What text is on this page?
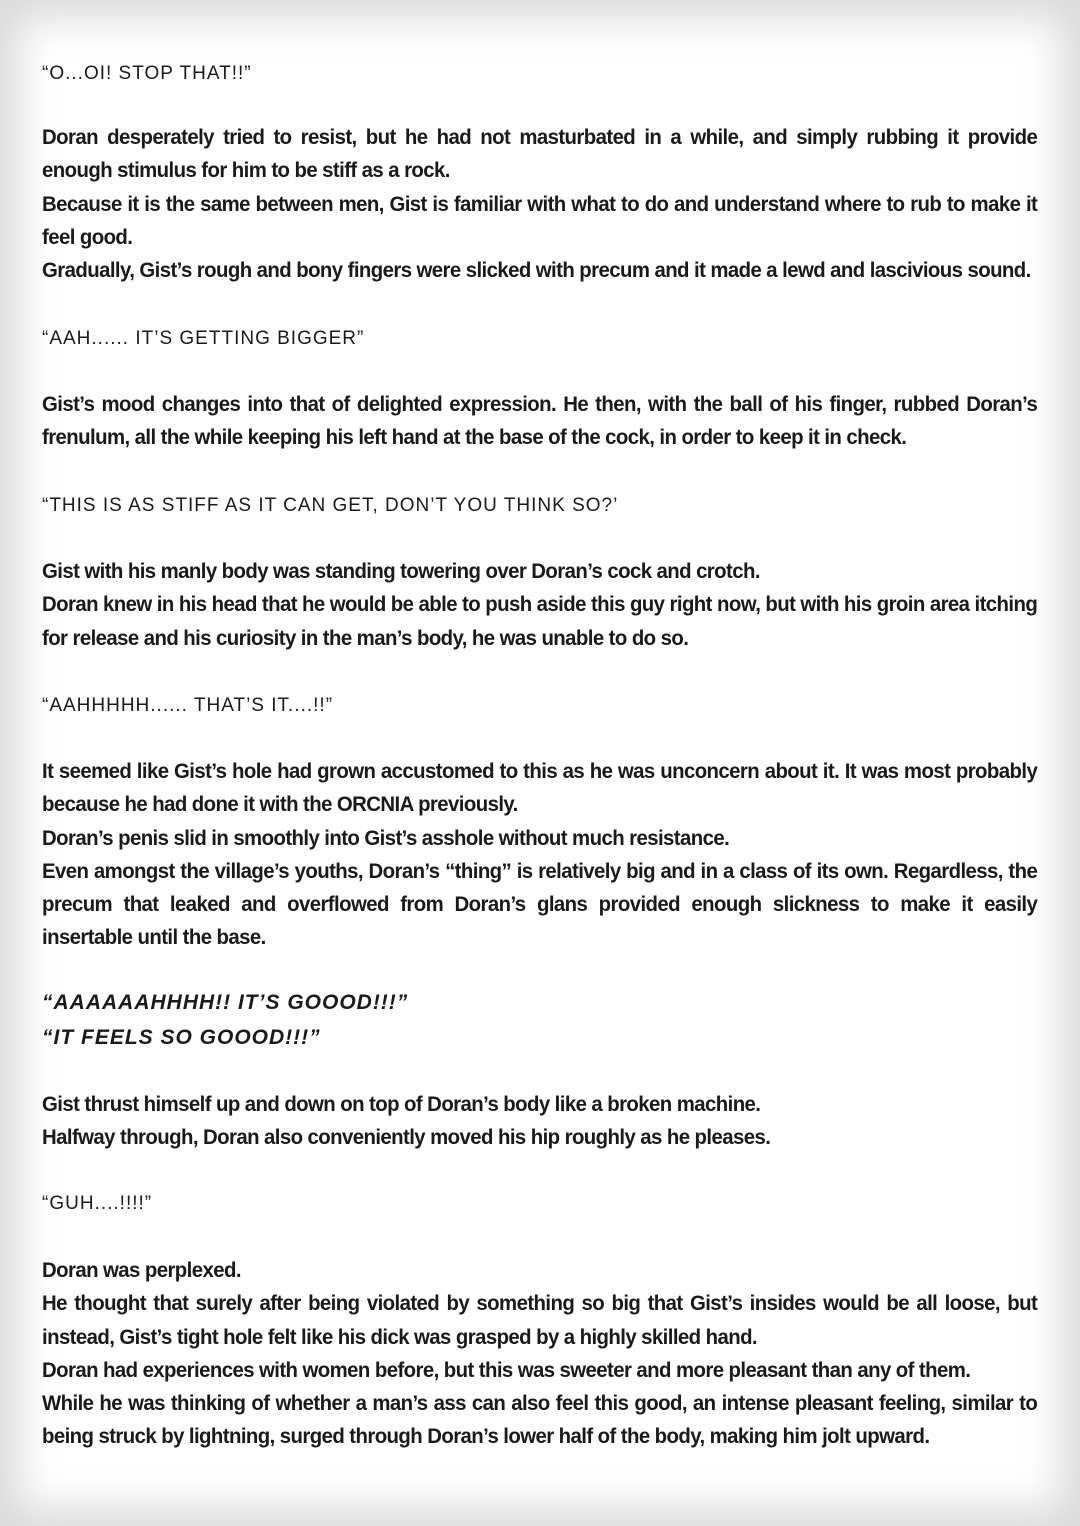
“O...OI! STOP THAT!!”

Doran desperately tried to resist, but he had not masturbated in a while, and simply rubbing it provide enough stimulus for him to be stiff as a rock.

Because it is the same between men, Gist is familiar with what to do and understand where to rub to make it feel good.

Gradually, Gist’s rough and bony fingers were slicked with precum and it made a lewd and lascivious sound.

“AAH...... IT’S GETTING BIGGER”

Gist’s mood changes into that of delighted expression. He then, with the ball of his finger, rubbed Doran’s frenulum, all the while keeping his left hand at the base of the cock, in order to keep it in check.

“THIS IS AS STIFF AS IT CAN GET, DON’T YOU THINK SO?’

Gist with his manly body was standing towering over Doran’s cock and crotch.

Doran knew in his head that he would be able to push aside this guy right now, but with his groin area itching for release and his curiosity in the man’s body, he was unable to do so.

“AAHHHHH...... THAT’S IT....!!”

It seemed like Gist’s hole had grown accustomed to this as he was unconcern about it. It was most probably because he had done it with the ORCNIA previously.

Doran’s penis slid in smoothly into Gist’s asshole without much resistance.

Even amongst the village’s youths, Doran’s “thing” is relatively big and in a class of its own. Regardless, the precum that leaked and overflowed from Doran’s glans provided enough slickness to make it easily insertable until the base.

“AAAAAAHHHH!! IT’S GOOOD!!!”
“IT FEELS SO GOOOD!!!”

Gist thrust himself up and down on top of Doran’s body like a broken machine.

Halfway through, Doran also conveniently moved his hip roughly as he pleases.

“GUH....!!!!”

Doran was perplexed.

He thought that surely after being violated by something so big that Gist’s insides would be all loose, but instead, Gist’s tight hole felt like his dick was grasped by a highly skilled hand.

Doran had experiences with women before, but this was sweeter and more pleasant than any of them.

While he was thinking of whether a man’s ass can also feel this good, an intense pleasant feeling, similar to being struck by lightning, surged through Doran’s lower half of the body, making him jolt upward.
